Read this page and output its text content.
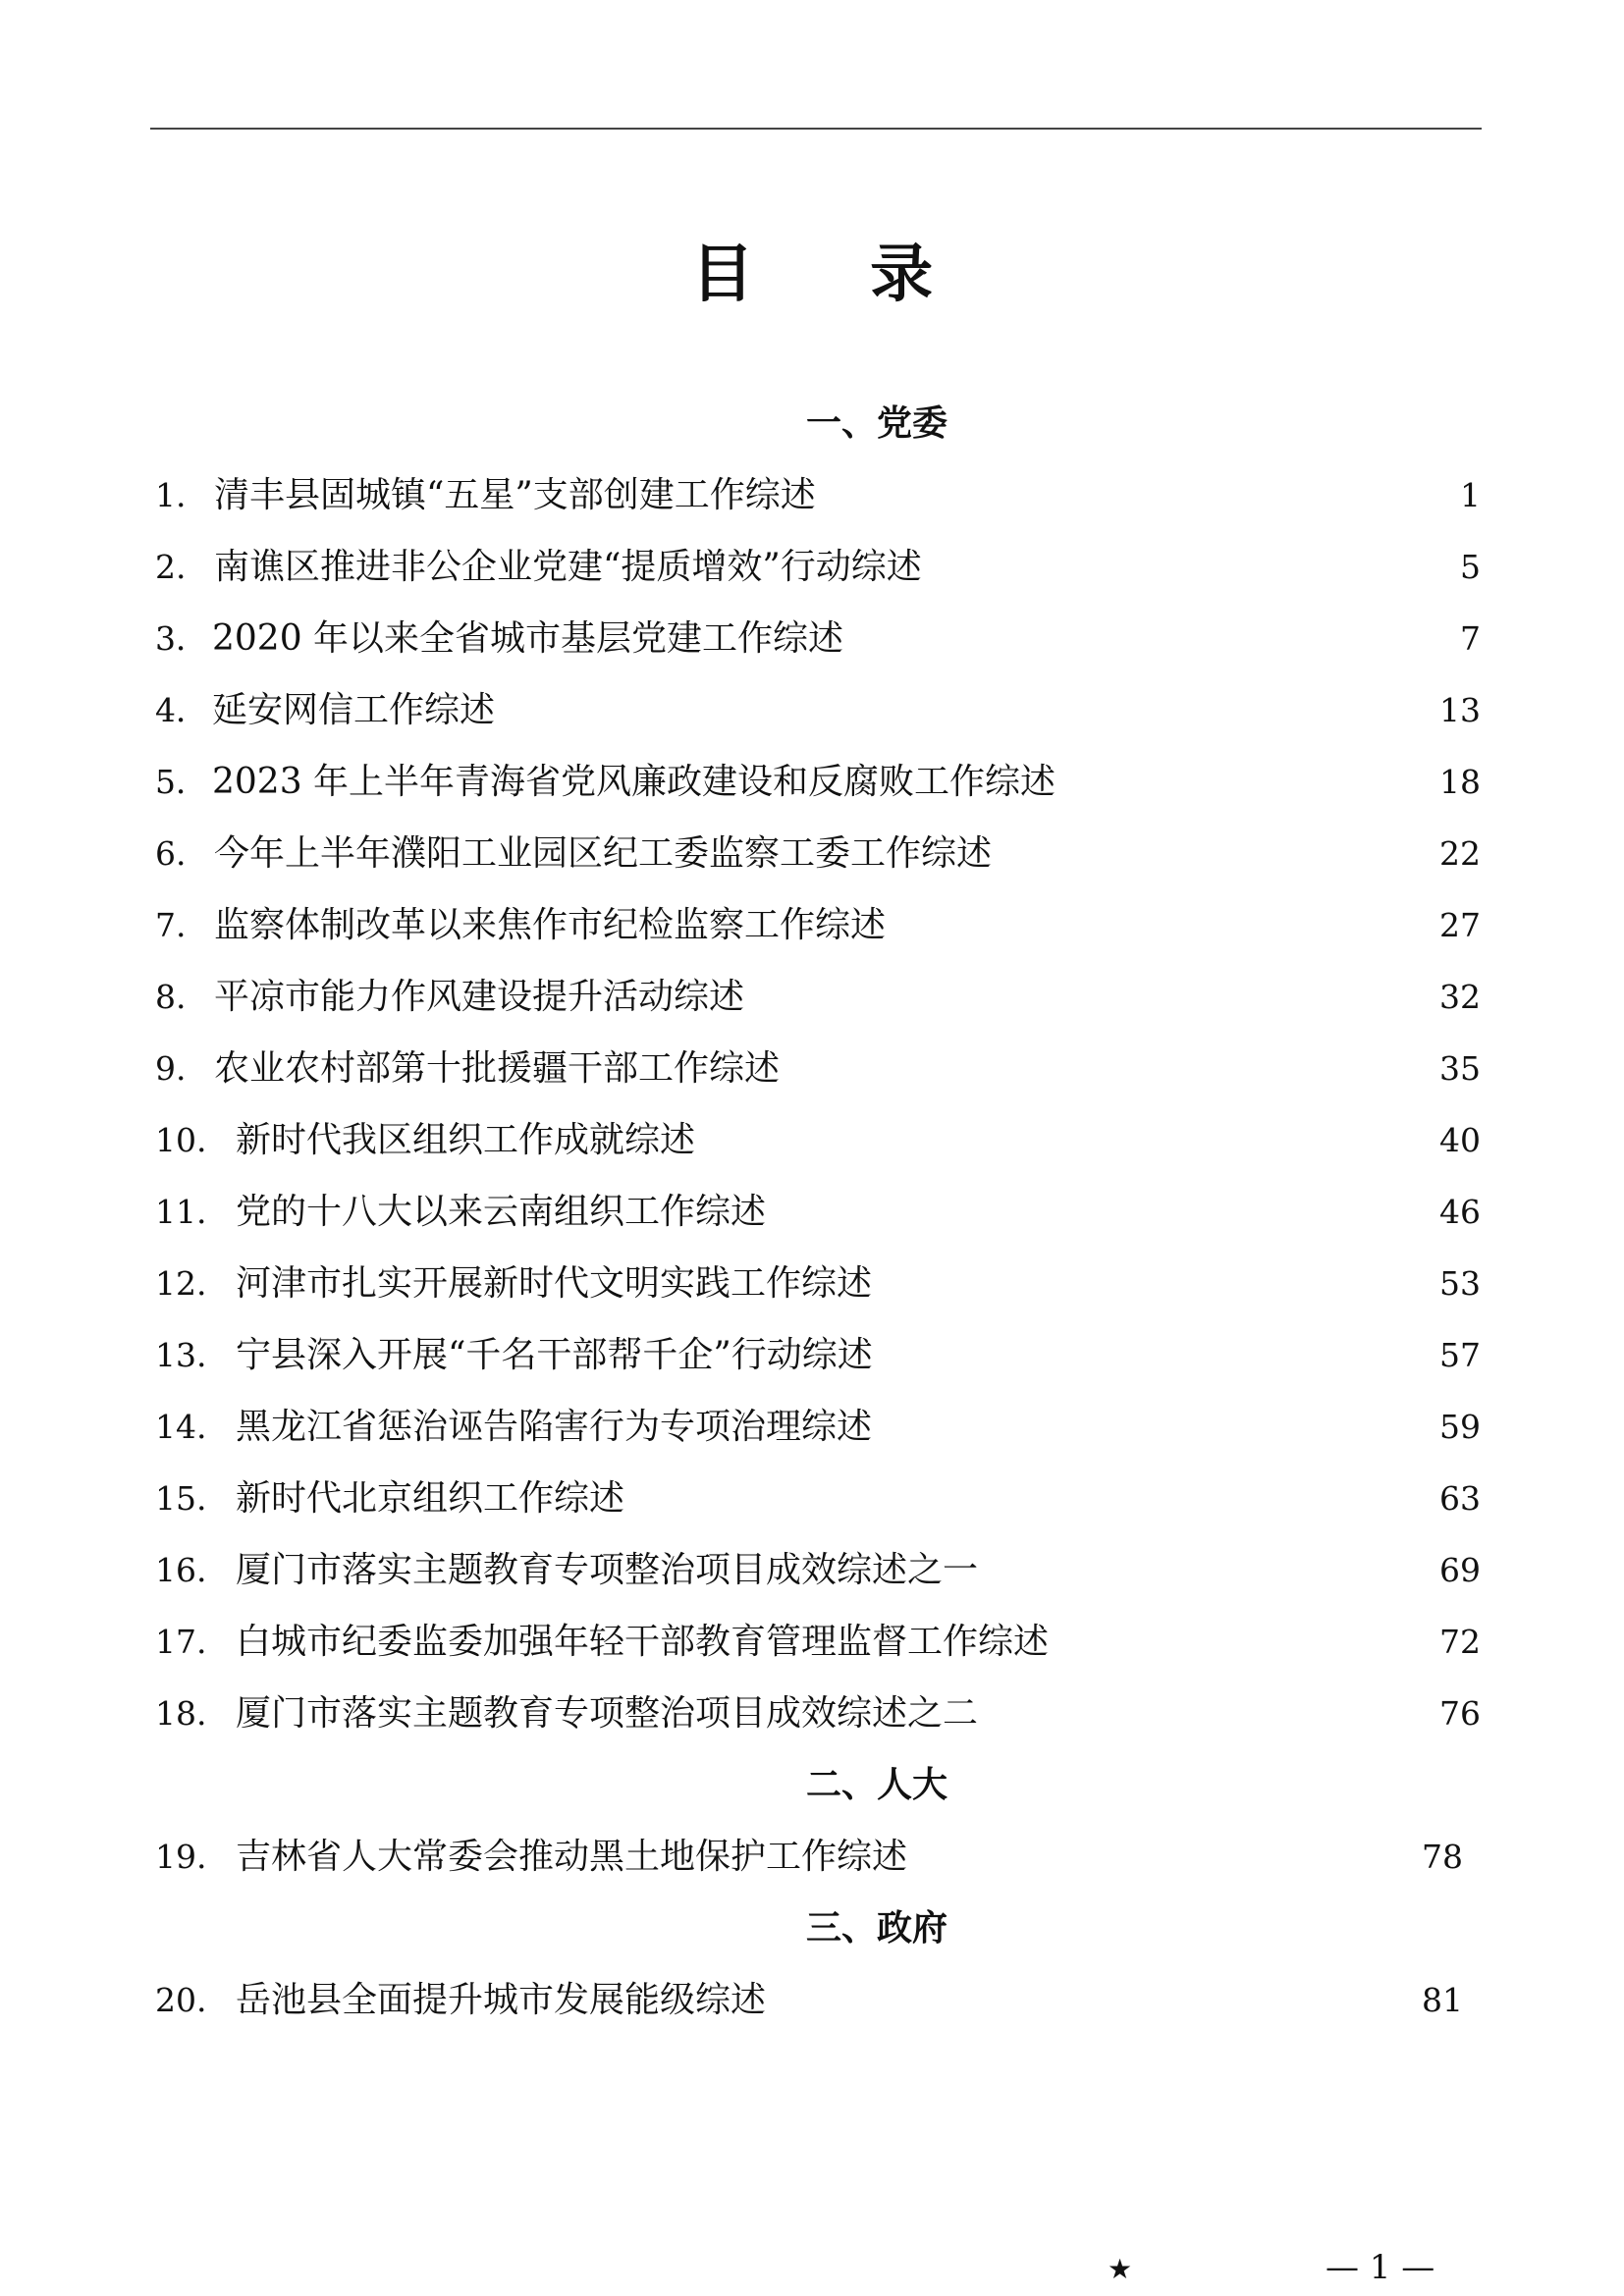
目 录
一、党委
1. 清丰县固城镇“五星”支部创建工作综述	1
2. 南谯区推进非公企业党建“提质增效”行动综述	5
3． 2020 年以来全省城市基层党建工作综述	7
4． 延安网信工作综述	13
5． 2023 年上半年青海省党风廉政建设和反腐败工作综述	18
6. 今年上半年濮阳工业园区纪工委监察工委工作综述	22
7. 监察体制改革以来焦作市纪检监察工作综述	27
8. 平凉市能力作风建设提升活动综述	32
9. 农业农村部第十批援疆干部工作综述	35
10. 新时代我区组织工作成就综述	40
11. 党的十八大以来云南组织工作综述	46
12. 河津市扎实开展新时代文明实践工作综述	53
13. 宁县深入开展“千名干部帮千企”行动综述	57
14. 黑龙江省惩治诬告陷害行为专项治理综述	59
15. 新时代北京组织工作综述	63
16. 厦门市落实主题教育专项整治项目成效综述之一	69
17. 白城市纪委监委加强年轻干部教育管理监督工作综述	72
18. 厦门市落实主题教育专项整治项目成效综述之二	76
二、人大
19. 吉林省人大常委会推动黑土地保护工作综述	78
三、政府
20. 岳池县全面提升城市发展能级综述	81
★	— 1 —
